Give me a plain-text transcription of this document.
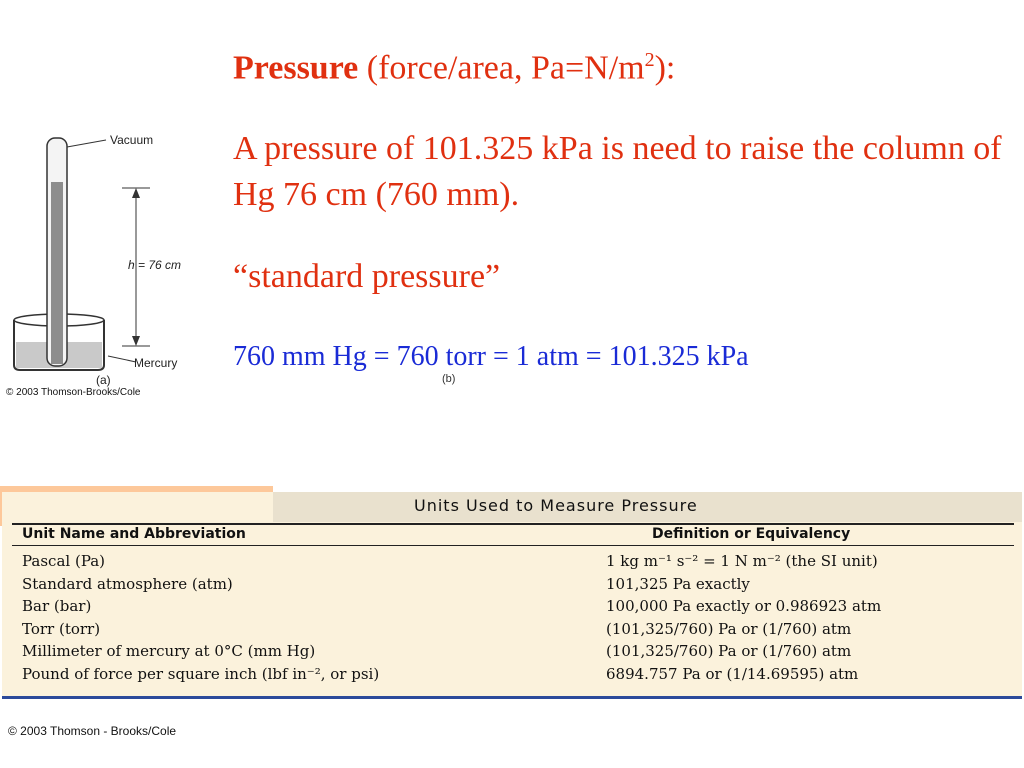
Pressure (force/area, $Pa=N/m^2$):

A pressure of 101.325 kPa is need to raise the column of Hg 76 cm (760 mm).

“standard pressure”

760 mm Hg = 760 torr = 1 atm = 101.325 kPa

Vacuum
h = 76 cm
Mercury
(a)	(b)
© 2003 Thomson-Brooks/Cole
Units Used to Measure Pressure
Unit Name and Abbreviation	Definition or Equivalency
Pascal (Pa)	1 kg m⁻¹ s⁻² = 1 N m⁻² (the SI unit)
Standard atmosphere (atm)	101,325 Pa exactly
Bar (bar)	100,000 Pa exactly or 0.986923 atm
Torr (torr)	(101,325/760) Pa or (1/760) atm
Millimeter of mercury at 0°C (mm Hg)	(101,325/760) Pa or (1/760) atm
Pound of force per square inch (lbf in⁻², or psi)	6894.757 Pa or (1/14.69595) atm
© 2003 Thomson - Brooks/Cole
